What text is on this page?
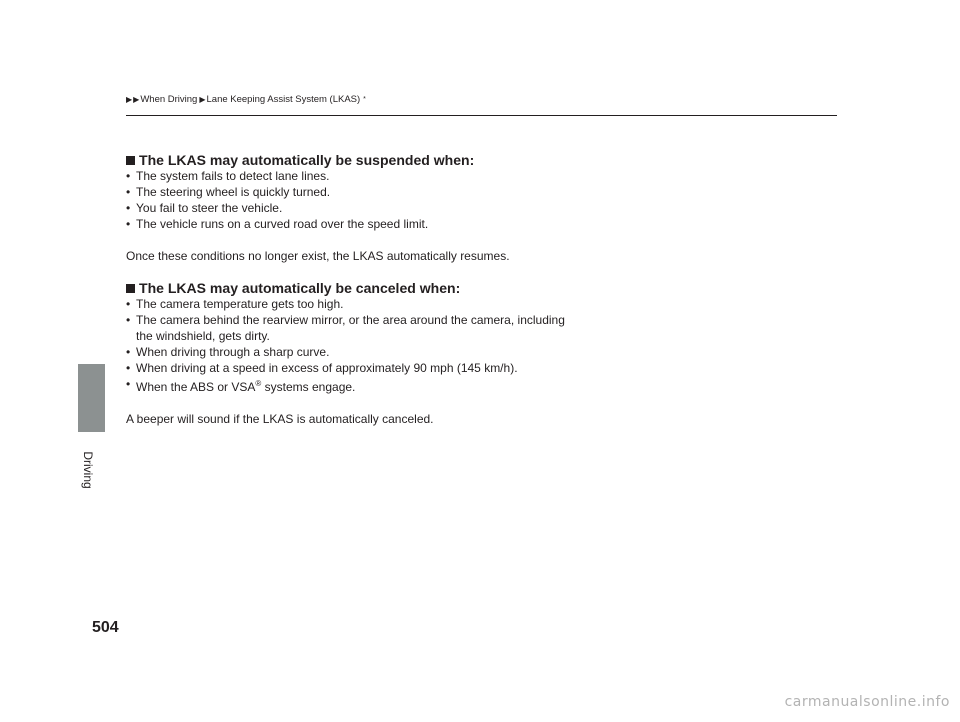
Driving
▶ ▶ When Driving ▶ Lane Keeping Assist System (LKAS) *
The LKAS may automatically be suspended when:
• The system fails to detect lane lines.
• The steering wheel is quickly turned.
• You fail to steer the vehicle.
• The vehicle runs on a curved road over the speed limit.

Once these conditions no longer exist, the LKAS automatically resumes.

The LKAS may automatically be canceled when:
• The camera temperature gets too high.
• The camera behind the rearview mirror, or the area around the camera, including
the windshield, gets dirty.
• When driving through a sharp curve.
• When driving at a speed in excess of approximately 90 mph (145 km/h).
• When the ABS or VSA® systems engage.

A beeper will sound if the LKAS is automatically canceled.

504
carmanualsonline.info
